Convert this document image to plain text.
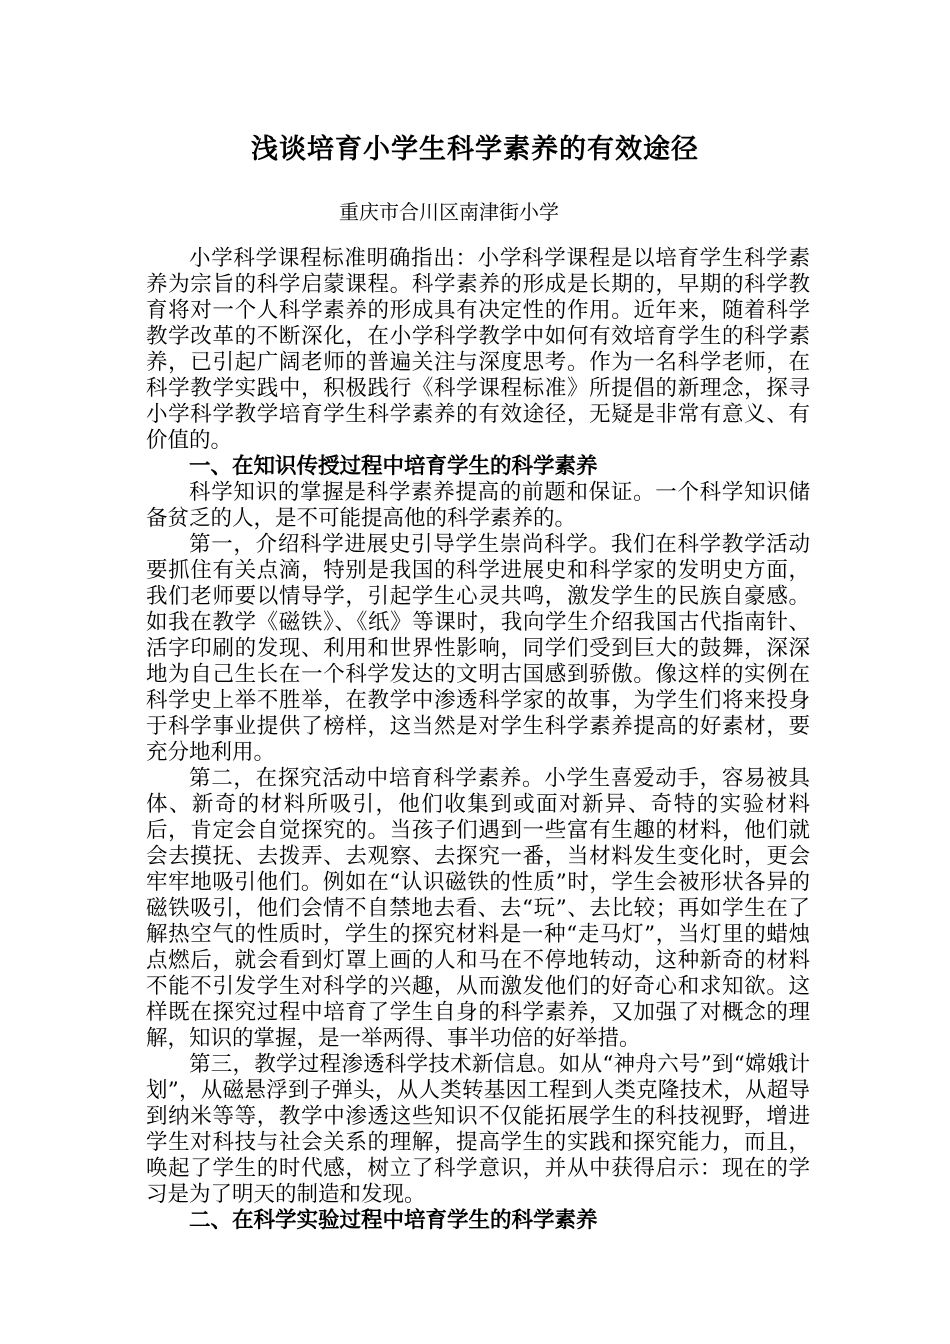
浅谈培育小学生科学素养的有效途径
重庆市合川区南津街小学

小学科学课程标准明确指出：小学科学课程是以培育学生科学素养为宗旨的科学启蒙课程。科学素养的形成是长期的，早期的科学教育将对一个人科学素养的形成具有决定性的作用。近年来，随着科学教学改革的不断深化，在小学科学教学中如何有效培育学生的科学素养，已引起广阔老师的普遍关注与深度思考。作为一名科学老师，在科学教学实践中，积极践行《科学课程标准》所提倡的新理念，探寻小学科学教学培育学生科学素养的有效途径，无疑是非常有意义、有价值的。

一、在知识传授过程中培育学生的科学素养

科学知识的掌握是科学素养提高的前题和保证。一个科学知识储备贫乏的人，是不可能提高他的科学素养的。

第一，介绍科学进展史引导学生崇尚科学。我们在科学教学活动要抓住有关点滴，特别是我国的科学进展史和科学家的发明史方面，我们老师要以情导学，引起学生心灵共鸣，激发学生的民族自豪感。如我在教学《磁铁》、《纸》等课时，我向学生介绍我国古代指南针、活字印刷的发现、利用和世界性影响，同学们受到巨大的鼓舞，深深地为自己生长在一个科学发达的文明古国感到骄傲。像这样的实例在科学史上举不胜举，在教学中渗透科学家的故事，为学生们将来投身于科学事业提供了榜样，这当然是对学生科学素养提高的好素材，要充分地利用。

第二，在探究活动中培育科学素养。小学生喜爱动手，容易被具体、新奇的材料所吸引，他们收集到或面对新异、奇特的实验材料后，肯定会自觉探究的。当孩子们遇到一些富有生趣的材料，他们就会去摸抚、去拨弄、去观察、去探究一番，当材料发生变化时，更会牢牢地吸引他们。例如在“认识磁铁的性质”时，学生会被形状各异的磁铁吸引，他们会情不自禁地去看、去“玩”、去比较；再如学生在了解热空气的性质时，学生的探究材料是一种“走马灯”，当灯里的蜡烛点燃后，就会看到灯罩上画的人和马在不停地转动，这种新奇的材料不能不引发学生对科学的兴趣，从而激发他们的好奇心和求知欲。这样既在探究过程中培育了学生自身的科学素养，又加强了对概念的理解，知识的掌握，是一举两得、事半功倍的好举措。

第三，教学过程渗透科学技术新信息。如从“神舟六号”到“嫦娥计划”，从磁悬浮到子弹头，从人类转基因工程到人类克隆技术，从超导到纳米等等，教学中渗透这些知识不仅能拓展学生的科技视野，增进学生对科技与社会关系的理解，提高学生的实践和探究能力，而且，唤起了学生的时代感，树立了科学意识，并从中获得启示：现在的学习是为了明天的制造和发现。

二、在科学实验过程中培育学生的科学素养
